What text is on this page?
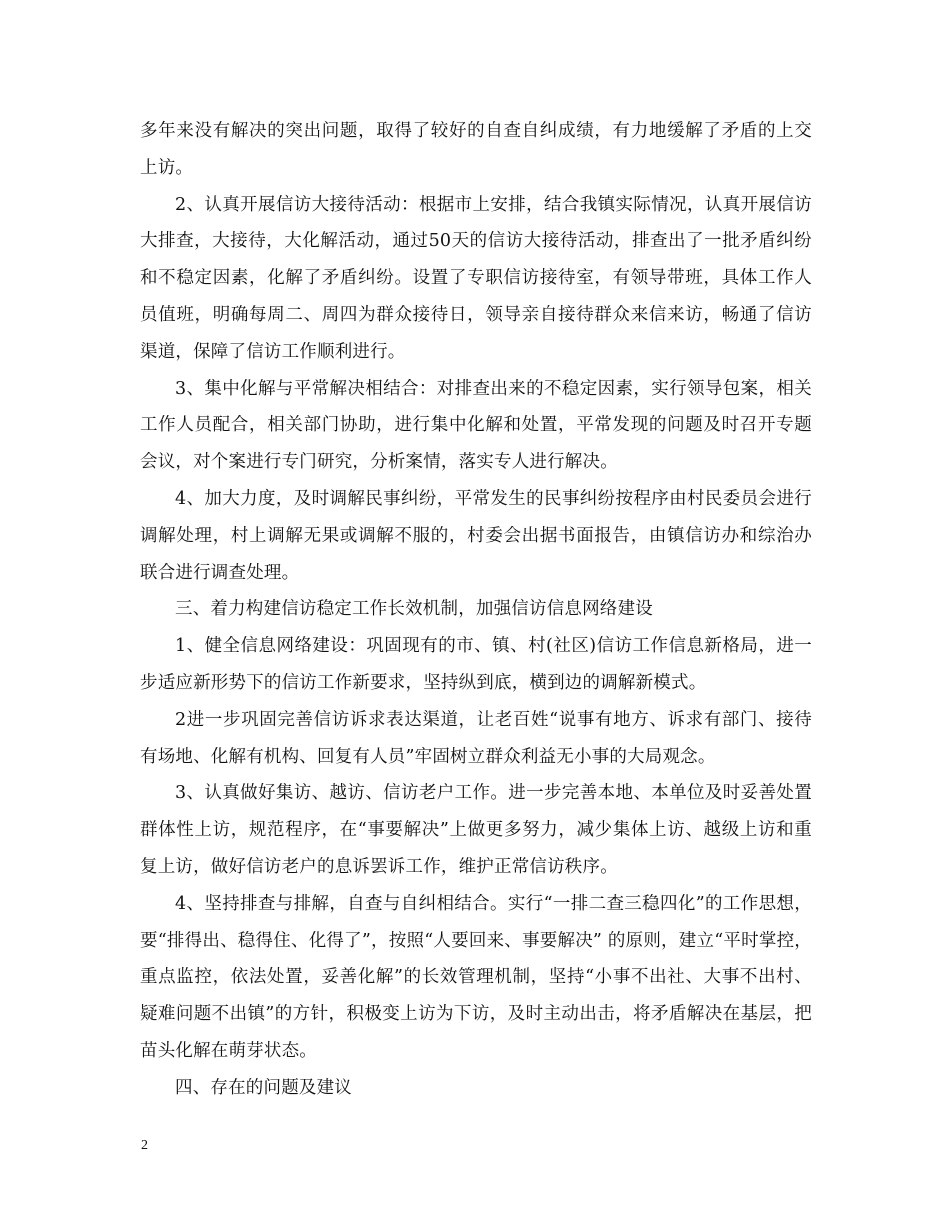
多年来没有解决的突出问题，取得了较好的自查自纠成绩，有力地缓解了矛盾的上交上访。

2、认真开展信访大接待活动：根据市上安排，结合我镇实际情况，认真开展信访大排查，大接待，大化解活动，通过50天的信访大接待活动，排查出了一批矛盾纠纷和不稳定因素，化解了矛盾纠纷。设置了专职信访接待室，有领导带班，具体工作人员值班，明确每周二、周四为群众接待日，领导亲自接待群众来信来访，畅通了信访渠道，保障了信访工作顺利进行。

3、集中化解与平常解决相结合：对排查出来的不稳定因素，实行领导包案，相关工作人员配合，相关部门协助，进行集中化解和处置，平常发现的问题及时召开专题会议，对个案进行专门研究，分析案情，落实专人进行解决。

4、加大力度，及时调解民事纠纷，平常发生的民事纠纷按程序由村民委员会进行调解处理，村上调解无果或调解不服的，村委会出据书面报告，由镇信访办和综治办联合进行调查处理。

三、着力构建信访稳定工作长效机制，加强信访信息网络建设

1、健全信息网络建设：巩固现有的市、镇、村(社区)信访工作信息新格局，进一步适应新形势下的信访工作新要求，坚持纵到底，横到边的调解新模式。

2进一步巩固完善信访诉求表达渠道，让老百姓“说事有地方、诉求有部门、接待有场地、化解有机构、回复有人员”牢固树立群众利益无小事的大局观念。

3、认真做好集访、越访、信访老户工作。进一步完善本地、本单位及时妥善处置群体性上访，规范程序，在“事要解决”上做更多努力，减少集体上访、越级上访和重复上访，做好信访老户的息诉罢诉工作，维护正常信访秩序。

4、坚持排查与排解，自查与自纠相结合。实行“一排二查三稳四化”的工作思想，要“排得出、稳得住、化得了”，按照“人要回来、事要解决” 的原则，建立“平时掌控，重点监控，依法处置，妥善化解”的长效管理机制，坚持“小事不出社、大事不出村、疑难问题不出镇”的方针，积极变上访为下访，及时主动出击，将矛盾解决在基层，把苗头化解在萌芽状态。

四、存在的问题及建议

2
